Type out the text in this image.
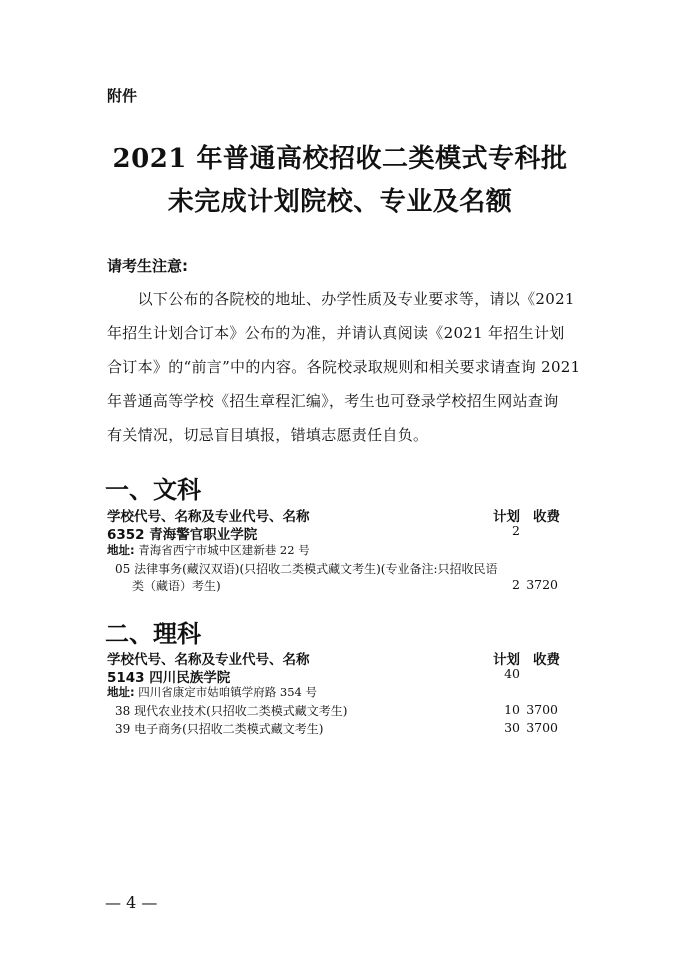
附件
2021 年普通高校招收二类模式专科批
未完成计划院校、专业及名额
请考生注意:
　　以下公布的各院校的地址、办学性质及专业要求等，请以《2021
年招生计划合订本》公布的为准，并请认真阅读《2021 年招生计划
合订本》的“前言”中的内容。各院校录取规则和相关要求请查询 2021
年普通高等学校《招生章程汇编》，考生也可登录学校招生网站查询
有关情况，切忌盲目填报，错填志愿责任自负。
一、文科
学校代号、名称及专业代号、名称	计划 收费
6352 青海警官职业学院	2
地址: 青海省西宁市城中区建新巷 22 号
05 法律事务(藏汉双语)(只招收二类模式藏文考生)(专业备注:只招收民语
类（藏语）考生)	2 3720
二、理科
学校代号、名称及专业代号、名称	计划 收费
5143 四川民族学院	40
地址: 四川省康定市姑咱镇学府路 354 号
38 现代农业技术(只招收二类模式藏文考生)	10 3700
39 电子商务(只招收二类模式藏文考生)	30 3700
— 4 —
